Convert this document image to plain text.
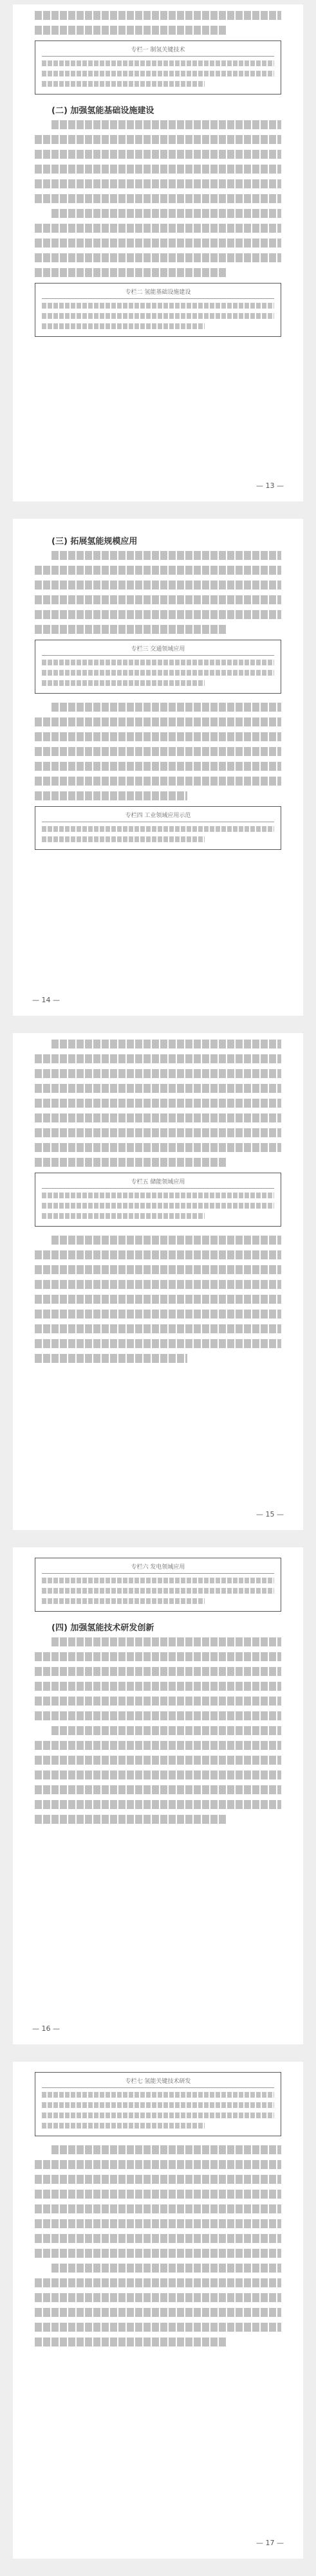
专栏一 制氢关键技术
(二) 加强氢能基础设施建设
专栏二 氢能基础设施建设
— 13 —
(三) 拓展氢能规模应用
专栏三 交通领域应用
专栏四 工业领域应用示范
— 14 —
专栏五 储能领域应用
— 15 —
专栏六 发电领域应用
(四) 加强氢能技术研发创新
— 16 —
专栏七 氢能关键技术研发
— 17 —
